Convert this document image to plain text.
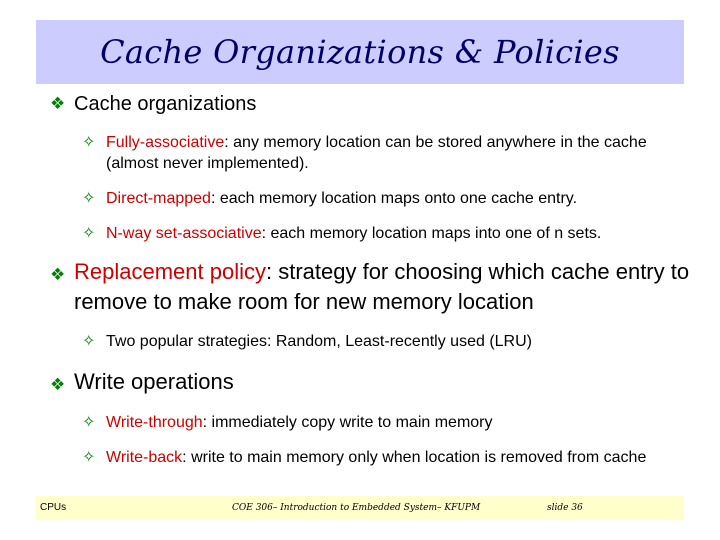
Cache Organizations & Policies
❖ Cache organizations
✧ Fully-associative: any memory location can be stored anywhere in the cache (almost never implemented).
✧ Direct-mapped: each memory location maps onto one cache entry.
✧ N-way set-associative: each memory location maps into one of n sets.
❖ Replacement policy: strategy for choosing which cache entry to remove to make room for new memory location
✧ Two popular strategies: Random, Least-recently used (LRU)
❖ Write operations
✧ Write-through: immediately copy write to main memory
✧ Write-back: write to main memory only when location is removed from cache
CPUs	COE 306– Introduction to Embedded System– KFUPM	slide 36
